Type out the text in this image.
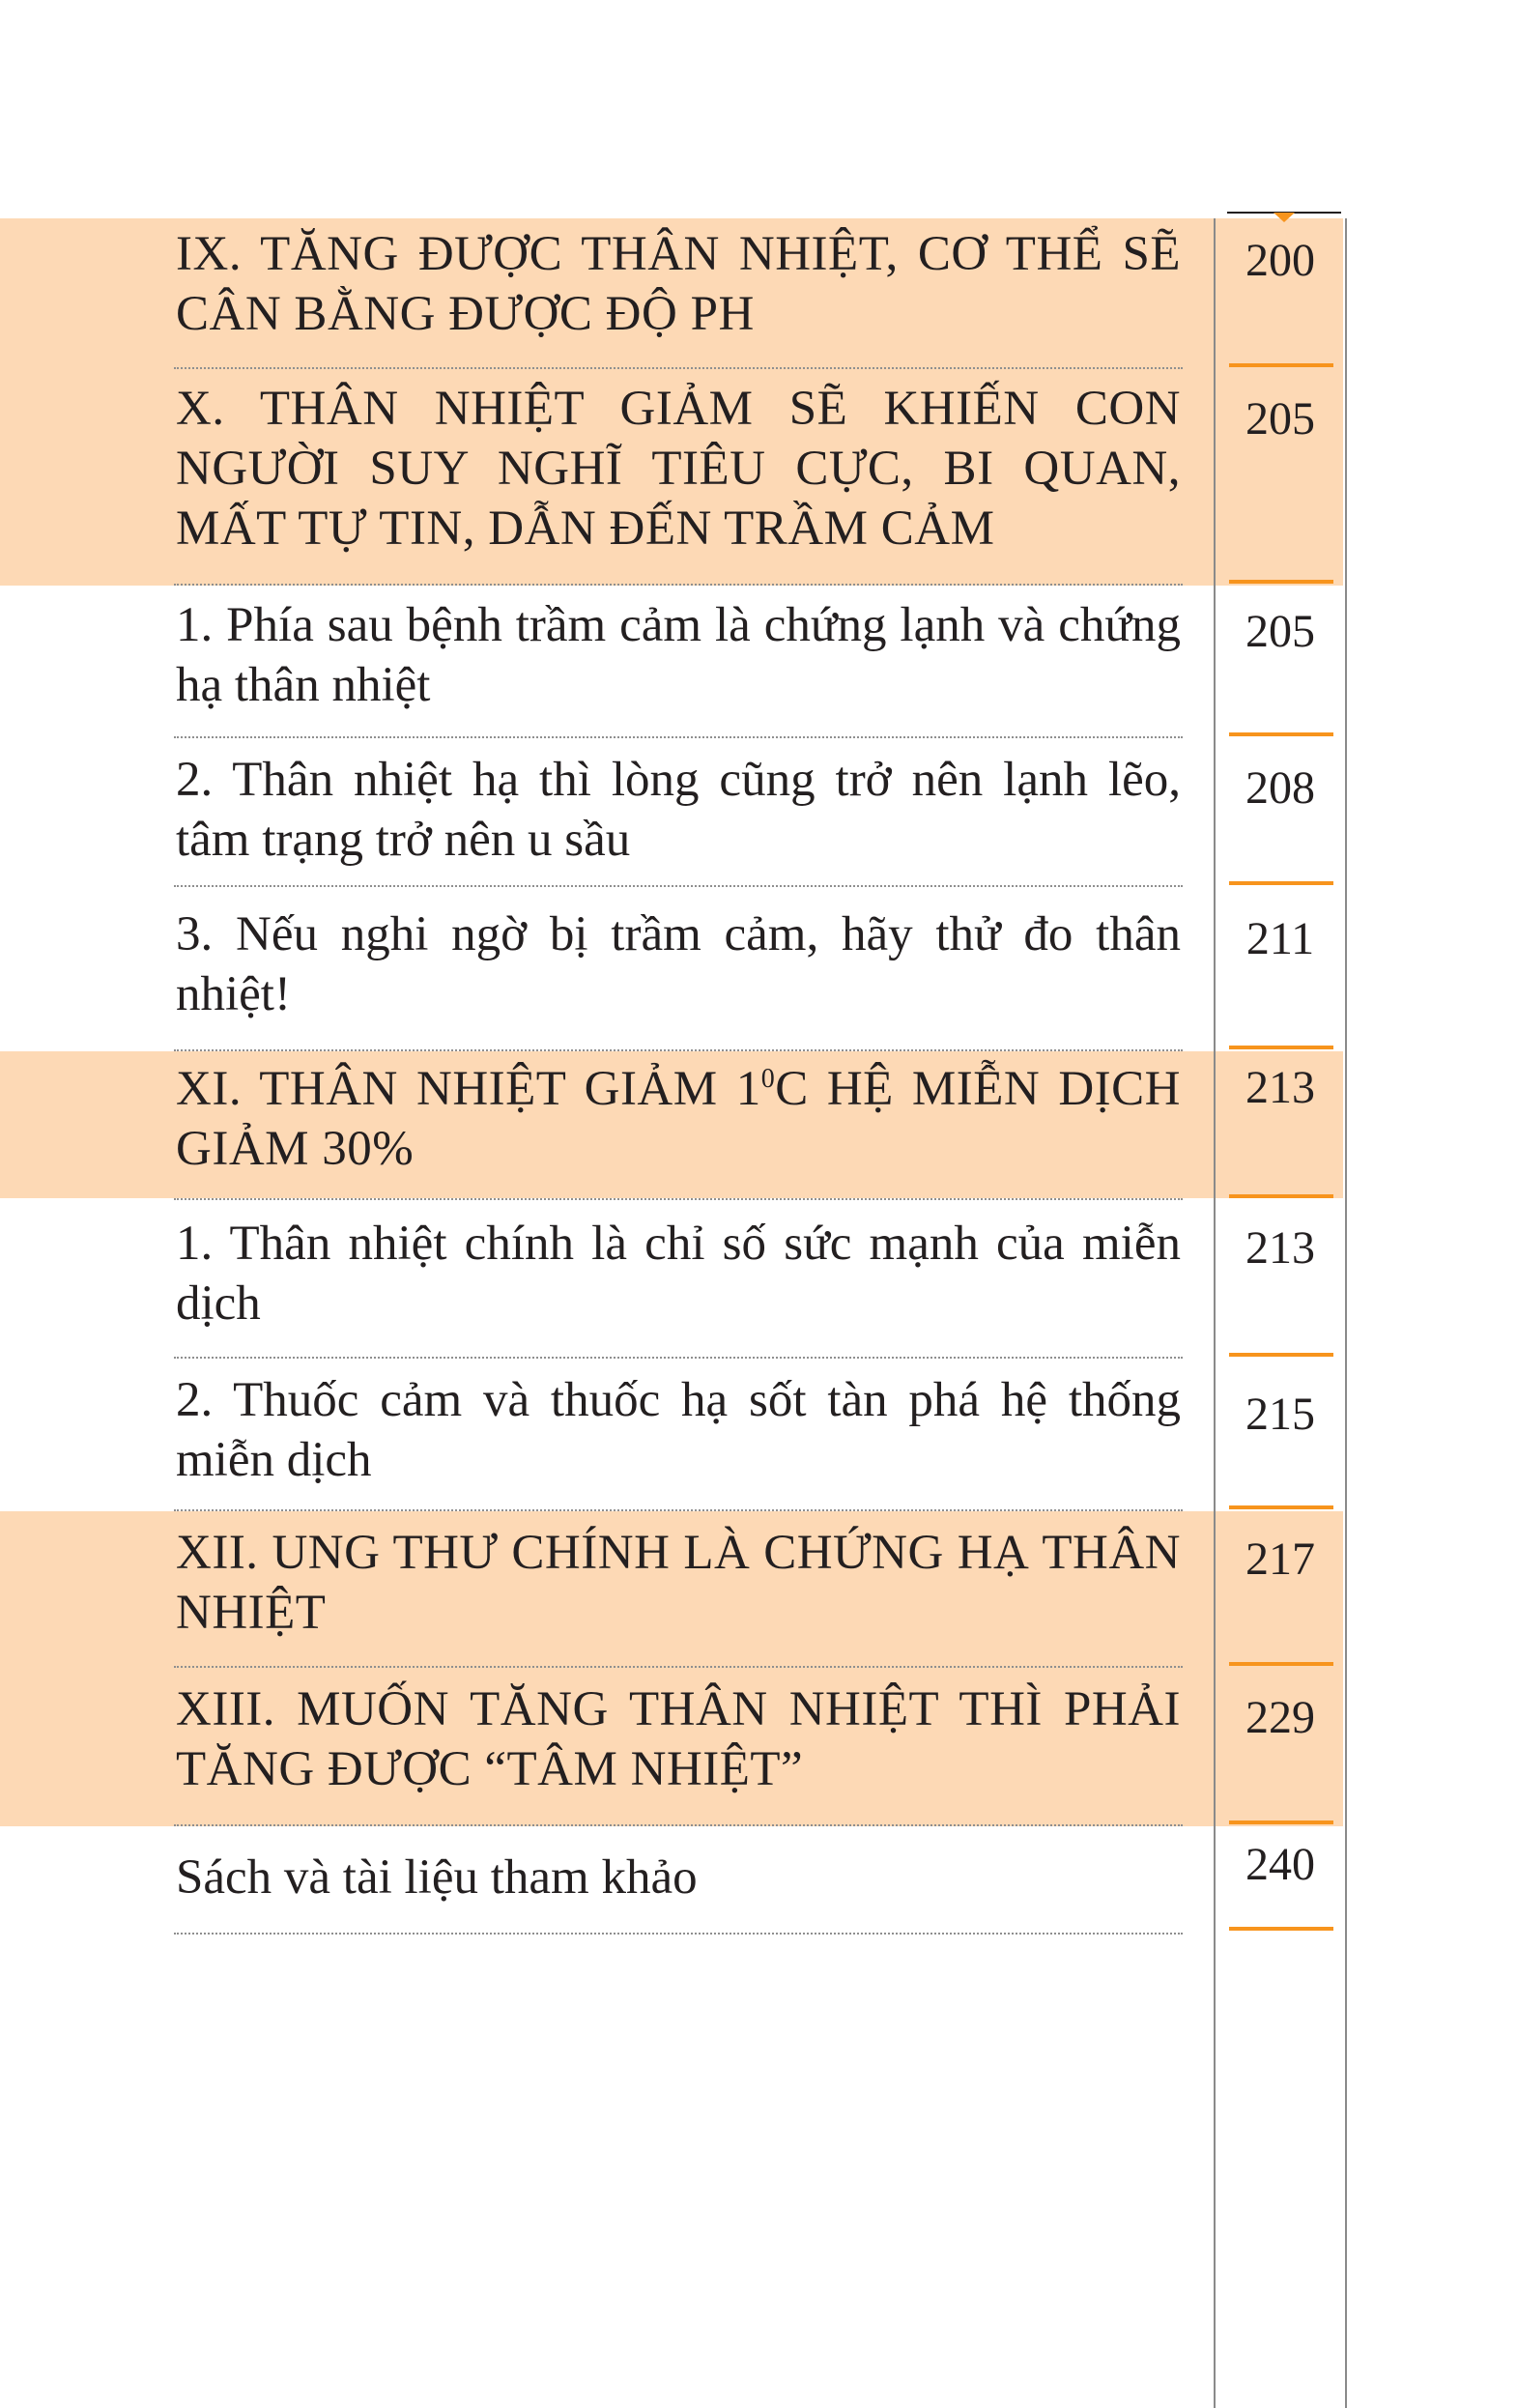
IX. TĂNG ĐƯỢC THÂN NHIỆT, CƠ THỂ SẼ CÂN BẰNG ĐƯỢC ĐỘ PH
200
X. THÂN NHIỆT GIẢM SẼ KHIẾN CON NGƯỜI SUY NGHĨ TIÊU CỰC, BI QUAN, MẤT TỰ TIN, DẪN ĐẾN TRẦM CẢM
205
1. Phía sau bệnh trầm cảm là chứng lạnh và chứng hạ thân nhiệt
205
2. Thân nhiệt hạ thì lòng cũng trở nên lạnh lẽo, tâm trạng trở nên u sầu
208
3. Nếu nghi ngờ bị trầm cảm, hãy thử đo thân nhiệt!
211
XI. THÂN NHIỆT GIẢM $1^0C$ HỆ MIỄN DỊCH GIẢM 30%
213
1. Thân nhiệt chính là chỉ số sức mạnh của miễn dịch
213
2. Thuốc cảm và thuốc hạ sốt tàn phá hệ thống miễn dịch
215
XII. UNG THƯ CHÍNH LÀ CHỨNG HẠ THÂN NHIỆT
217
XIII. MUỐN TĂNG THÂN NHIỆT THÌ PHẢI TĂNG ĐƯỢC “TÂM NHIỆT”
229
Sách và tài liệu tham khảo	240
